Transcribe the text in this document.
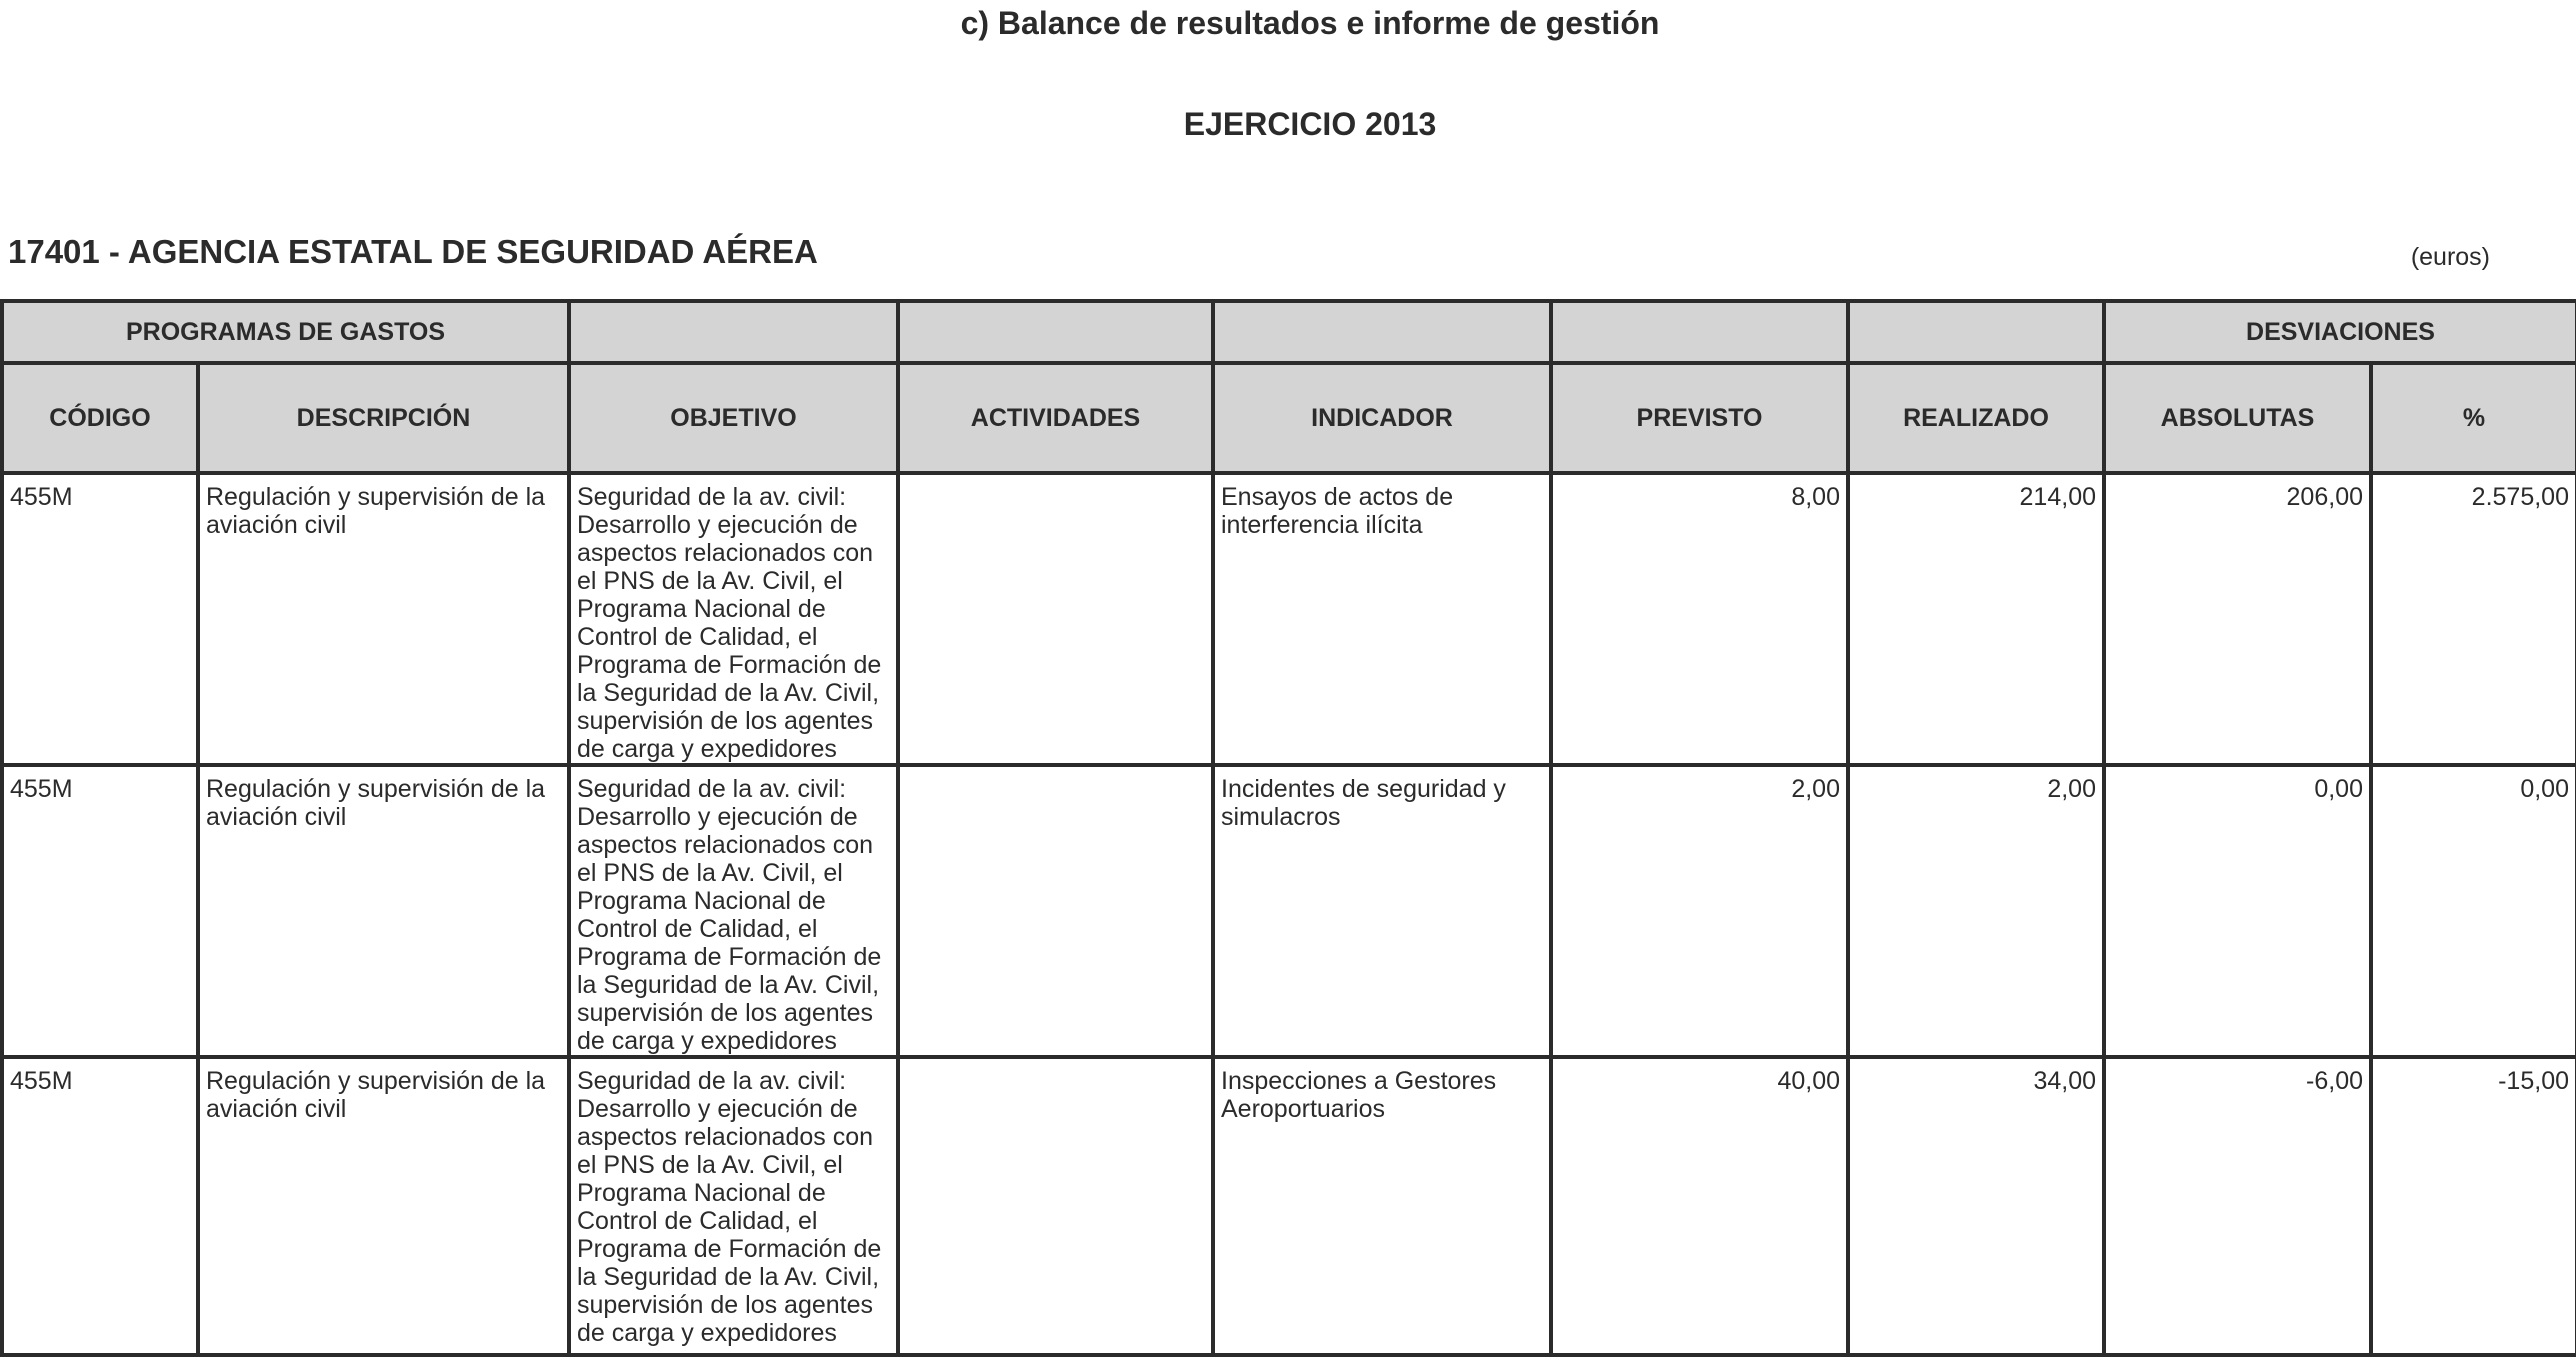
c) Balance de resultados e informe de gestión
EJERCICIO 2013
17401 - AGENCIA ESTATAL DE SEGURIDAD AÉREA	(euros)
PROGRAMAS DE GASTOS							DESVIACIONES	
CÓDIGO	DESCRIPCIÓN	OBJETIVO	ACTIVIDADES	INDICADOR	PREVISTO	REALIZADO	ABSOLUTAS	%
455M	Regulación y supervisión de la aviación civil	Seguridad de la av. civil: Desarrollo y ejecución de aspectos relacionados con el PNS de la Av. Civil, el Programa Nacional de Control de Calidad, el Programa de Formación de la Seguridad de la Av. Civil, supervisión de los agentes de carga y expedidores		Ensayos de actos de interferencia ilícita	8,00	214,00	206,00	2.575,00
455M	Regulación y supervisión de la aviación civil	Seguridad de la av. civil: Desarrollo y ejecución de aspectos relacionados con el PNS de la Av. Civil, el Programa Nacional de Control de Calidad, el Programa de Formación de la Seguridad de la Av. Civil, supervisión de los agentes de carga y expedidores		Incidentes de seguridad y simulacros	2,00	2,00	0,00	0,00
455M	Regulación y supervisión de la aviación civil	Seguridad de la av. civil: Desarrollo y ejecución de aspectos relacionados con el PNS de la Av. Civil, el Programa Nacional de Control de Calidad, el Programa de Formación de la Seguridad de la Av. Civil, supervisión de los agentes de carga y expedidores		Inspecciones a Gestores Aeroportuarios	40,00	34,00	-6,00	-15,00
